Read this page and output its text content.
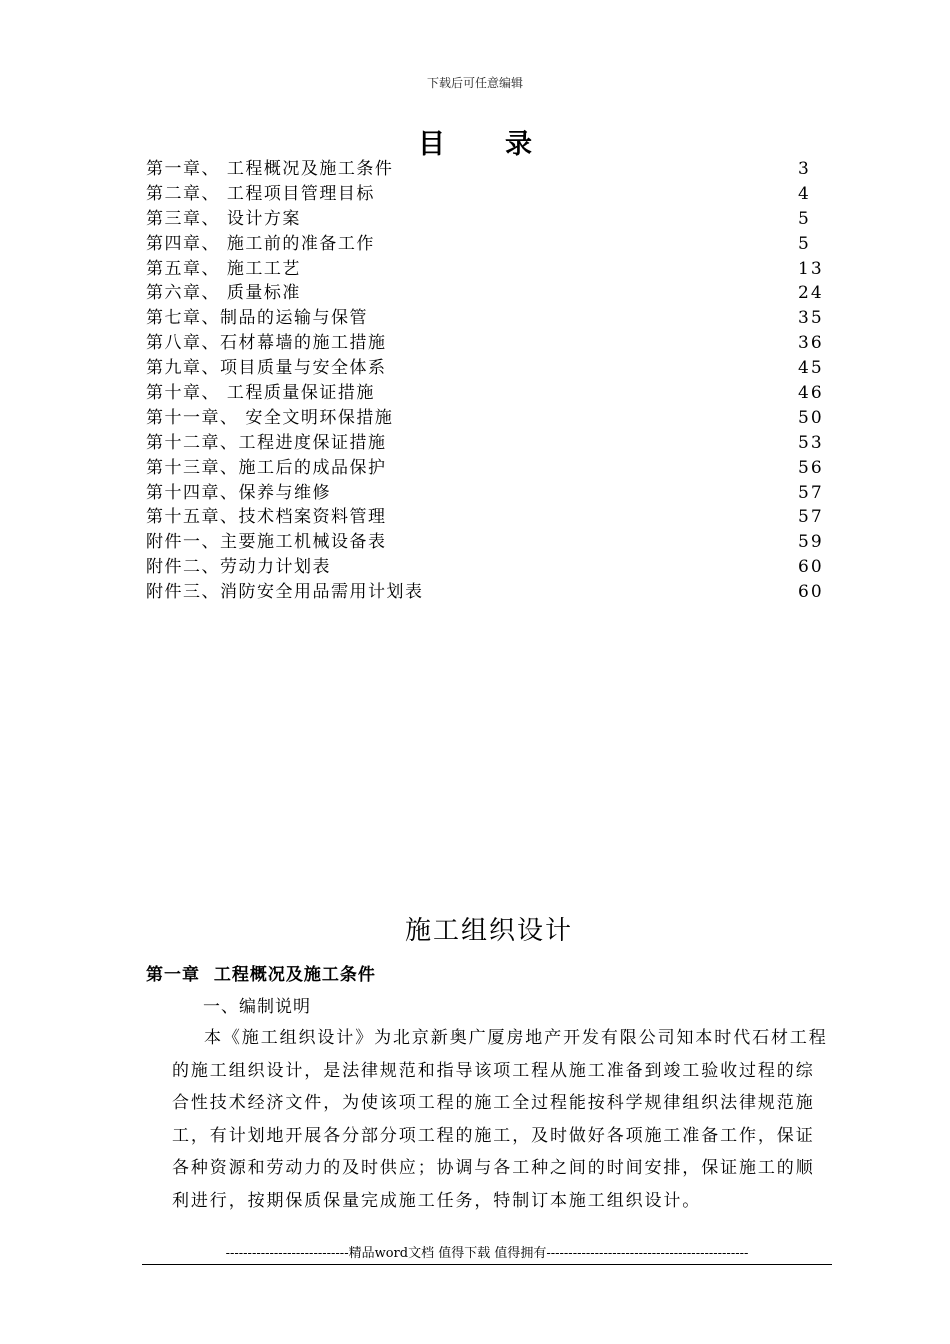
下载后可任意编辑
目录
第一章、 工程概况及施工条件	3
第二章、 工程项目管理目标	4
第三章、 设计方案	5
第四章、 施工前的准备工作	5
第五章、 施工工艺	13
第六章、 质量标准	24
第七章、制品的运输与保管	35
第八章、石材幕墙的施工措施	36
第九章、项目质量与安全体系	45
第十章、 工程质量保证措施	46
第十一章、 安全文明环保措施	50
第十二章、工程进度保证措施	53
第十三章、施工后的成品保护	56
第十四章、保养与维修	57
第十五章、技术档案资料管理	57
附件一、主要施工机械设备表	59
附件二、劳动力计划表	60
附件三、消防安全用品需用计划表	60
施工组织设计
第一章  工程概况及施工条件
一、编制说明
本《施工组织设计》为北京新奥广厦房地产开发有限公司知本时代石材工程
的施工组织设计，是法律规范和指导该项工程从施工准备到竣工验收过程的综
合性技术经济文件，为使该项工程的施工全过程能按科学规律组织法律规范施
工，有计划地开展各分部分项工程的施工，及时做好各项施工准备工作，保证
各种资源和劳动力的及时供应；协调与各工种之间的时间安排，保证施工的顺
利进行，按期保质保量完成施工任务，特制订本施工组织设计。
----------------------------精品word文档 值得下载 值得拥有----------------------------------------------
